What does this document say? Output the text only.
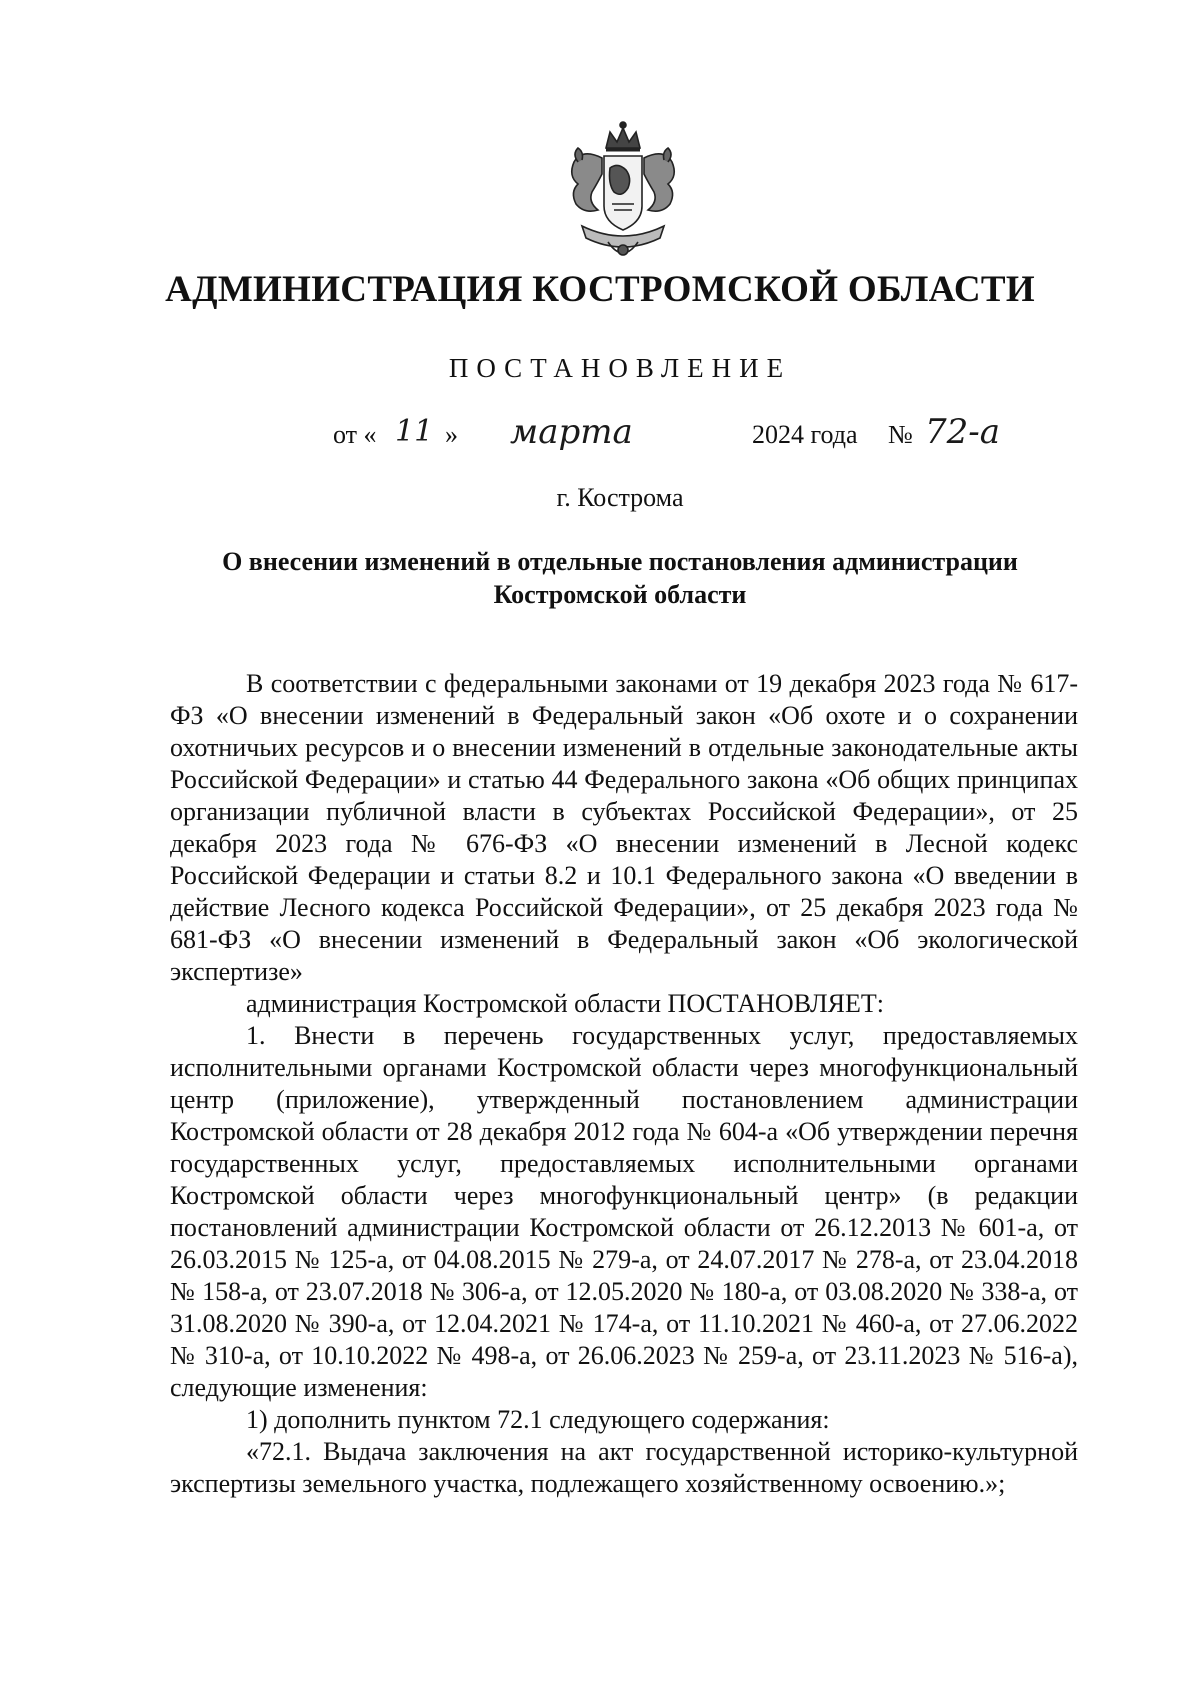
АДМИНИСТРАЦИЯ КОСТРОМСКОЙ ОБЛАСТИ
ПОСТАНОВЛЕНИЕ
от « 11 » марта	2024 года № 72-а
г. Кострома
О внесении изменений в отдельные постановления администрации Костромской области

В соответствии с федеральными законами от 19 декабря 2023 года № 617-ФЗ «О внесении изменений в Федеральный закон «Об охоте и о сохранении охотничьих ресурсов и о внесении изменений в отдельные законодательные акты Российской Федерации» и статью 44 Федерального закона «Об общих принципах организации публичной власти в субъектах Российской Федерации», от 25 декабря 2023 года № 676-ФЗ «О внесении изменений в Лесной кодекс Российской Федерации и статьи 8.2 и 10.1 Федерального закона «О введении в действие Лесного кодекса Российской Федерации», от 25 декабря 2023 года № 681-ФЗ «О внесении изменений в Федеральный закон «Об экологической экспертизе»

администрация Костромской области ПОСТАНОВЛЯЕТ:

1. Внести в перечень государственных услуг, предоставляемых исполнительными органами Костромской области через многофункциональный центр (приложение), утвержденный постановлением администрации Костромской области от 28 декабря 2012 года № 604-а «Об утверждении перечня государственных услуг, предоставляемых исполнительными органами Костромской области через многофункциональный центр» (в редакции постановлений администрации Костромской области от 26.12.2013 № 601-а, от 26.03.2015 № 125-а, от 04.08.2015 № 279-а, от 24.07.2017 № 278-а, от 23.04.2018 № 158-а, от 23.07.2018 № 306-а, от 12.05.2020 № 180-а, от 03.08.2020 № 338-а, от 31.08.2020 № 390-а, от 12.04.2021 № 174-а, от 11.10.2021 № 460-а, от 27.06.2022 № 310-а, от 10.10.2022 № 498-а, от 26.06.2023 № 259-а, от 23.11.2023 № 516-а), следующие изменения:

1) дополнить пунктом 72.1 следующего содержания:

«72.1. Выдача заключения на акт государственной историко-культурной экспертизы земельного участка, подлежащего хозяйственному освоению.»;
